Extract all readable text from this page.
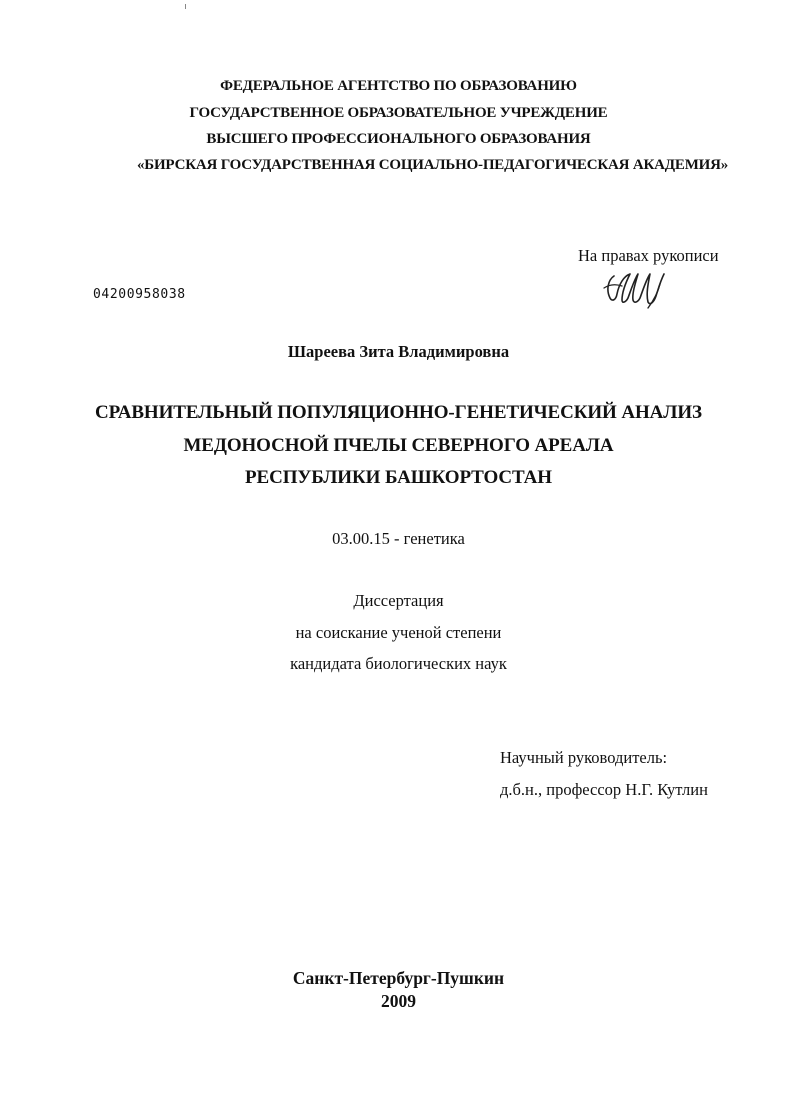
ФЕДЕРАЛЬНОЕ АГЕНТСТВО ПО ОБРАЗОВАНИЮ
ГОСУДАРСТВЕННОЕ ОБРАЗОВАТЕЛЬНОЕ УЧРЕЖДЕНИЕ
ВЫСШЕГО ПРОФЕССИОНАЛЬНОГО ОБРАЗОВАНИЯ
«БИРСКАЯ ГОСУДАРСТВЕННАЯ СОЦИАЛЬНО-ПЕДАГОГИЧЕСКАЯ АКАДЕМИЯ»
На правах рукописи
04200958038
Шареева Зита Владимировна
СРАВНИТЕЛЬНЫЙ ПОПУЛЯЦИОННО-ГЕНЕТИЧЕСКИЙ АНАЛИЗ
МЕДОНОСНОЙ ПЧЕЛЫ СЕВЕРНОГО АРЕАЛА
РЕСПУБЛИКИ БАШКОРТОСТАН
03.00.15 - генетика
Диссертация
на соискание ученой степени
кандидата биологических наук
Научный руководитель:
д.б.н., профессор Н.Г. Кутлин
Санкт-Петербург-Пушкин
2009
